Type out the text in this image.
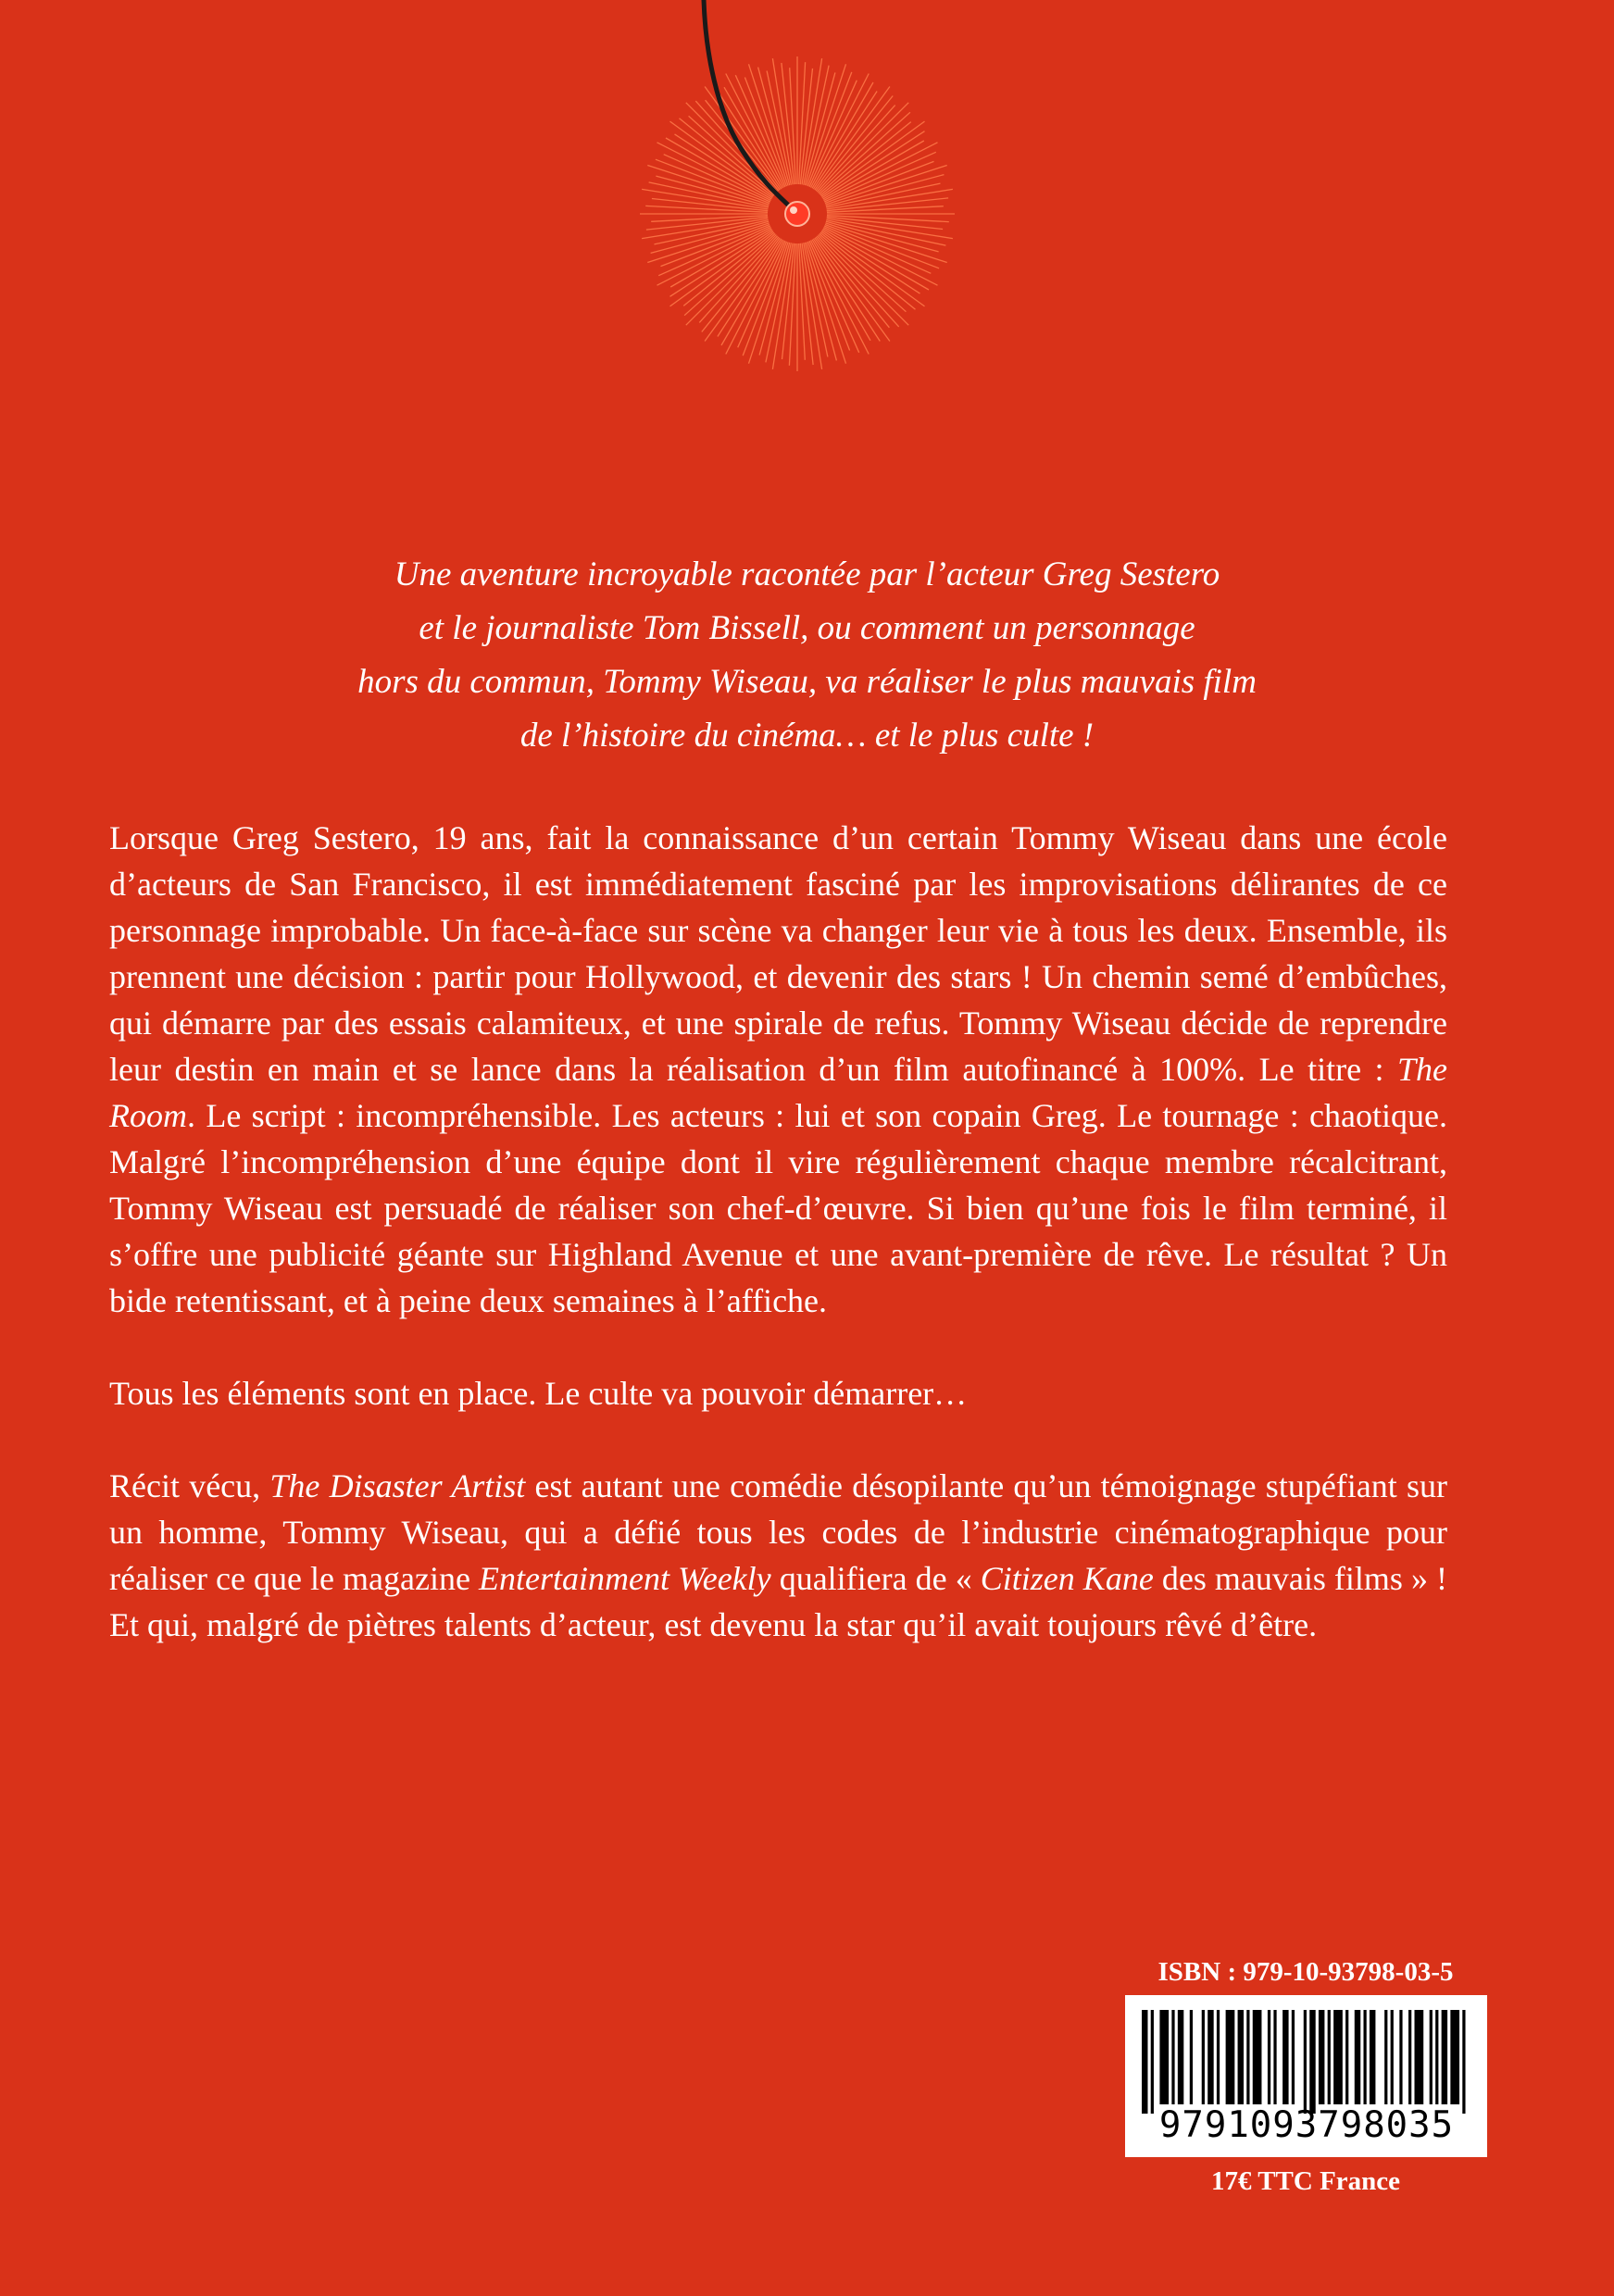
Une aventure incroyable racontée par l’acteur Greg Sestero
et le journaliste Tom Bissell, ou comment un personnage
hors du commun, Tommy Wiseau, va réaliser le plus mauvais film
de l’histoire du cinéma… et le plus culte !

Lorsque Greg Sestero, 19 ans, fait la connaissance d’un certain Tommy Wiseau dans une école d’acteurs de San Francisco, il est immédiatement fasciné par les improvisations délirantes de ce personnage improbable. Un face-à-face sur scène va changer leur vie à tous les deux. Ensemble, ils prennent une décision : partir pour Hollywood, et devenir des stars ! Un chemin semé d’embûches, qui démarre par des essais calamiteux, et une spirale de refus. Tommy Wiseau décide de reprendre leur destin en main et se lance dans la réalisation d’un film autofinancé à 100%. Le titre : The Room. Le script : incompréhensible. Les acteurs : lui et son copain Greg. Le tournage : chaotique. Malgré l’incompréhension d’une équipe dont il vire régulièrement chaque membre récalcitrant, Tommy Wiseau est persuadé de réaliser son chef-d’œuvre. Si bien qu’une fois le film terminé, il s’offre une publicité géante sur Highland Avenue et une avant-première de rêve. Le résultat ? Un bide retentissant, et à peine deux semaines à l’affiche.

Tous les éléments sont en place. Le culte va pouvoir démarrer…

Récit vécu, The Disaster Artist est autant une comédie désopilante qu’un témoignage stupéfiant sur un homme, Tommy Wiseau, qui a défié tous les codes de l’industrie cinématographique pour réaliser ce que le magazine Entertainment Weekly qualifiera de « Citizen Kane des mauvais films » ! Et qui, malgré de piètres talents d’acteur, est devenu la star qu’il avait toujours rêvé d’être.

ISBN : 979-10-93798-03-5
9791093798035
17€ TTC France
